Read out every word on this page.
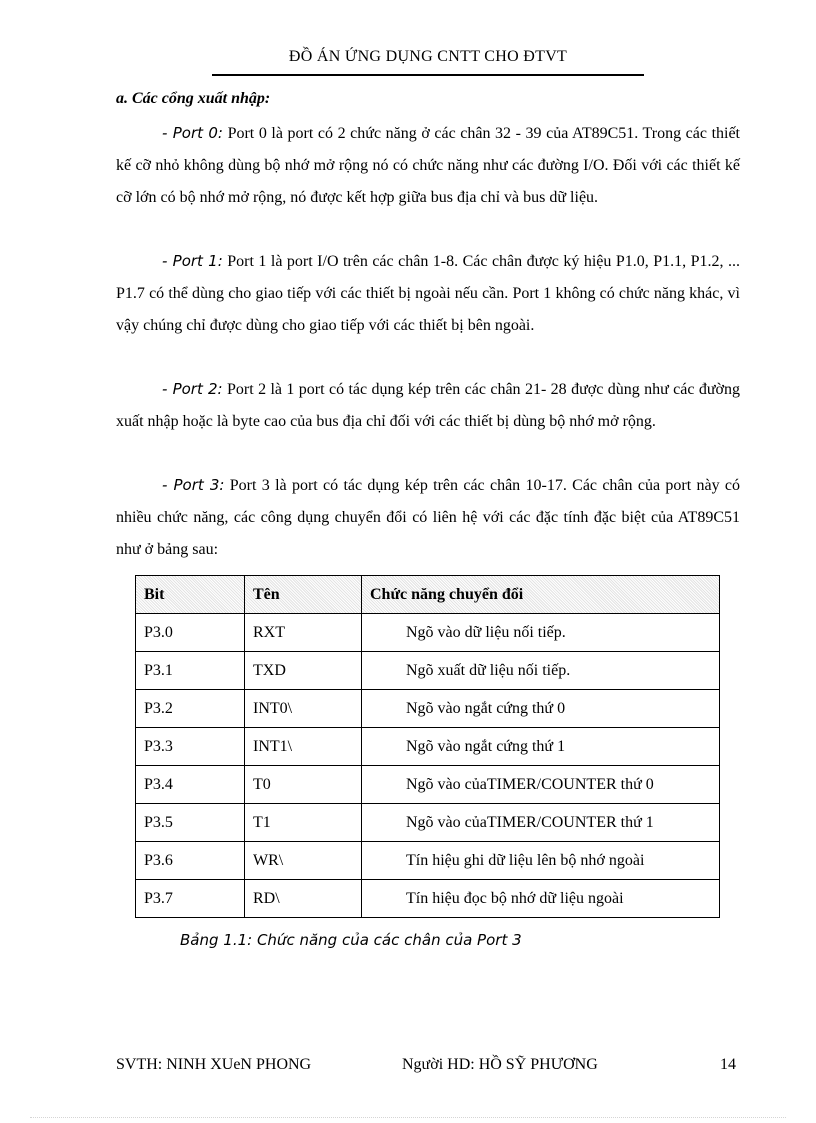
ĐỒ ÁN ỨNG DỤNG CNTT CHO ĐTVT
a. Các cổng xuất nhập:
- Port 0: Port 0 là port có 2 chức năng ở các chân 32 - 39 của AT89C51. Trong các thiết kế cỡ nhỏ không dùng bộ nhớ mở rộng nó có chức năng như các đường I/O. Đối với các thiết kế cỡ lớn có bộ nhớ mở rộng, nó được kết hợp giữa bus địa chỉ và bus dữ liệu.
- Port 1: Port 1 là port I/O trên các chân 1-8. Các chân được ký hiệu P1.0, P1.1, P1.2, ... P1.7 có thể dùng cho giao tiếp với các thiết bị ngoài nếu cần. Port 1 không có chức năng khác, vì vậy chúng chỉ được dùng cho giao tiếp với các thiết bị bên ngoài.
- Port 2: Port 2 là 1 port có tác dụng kép trên các chân 21- 28 được dùng như các đường xuất nhập hoặc là byte cao của bus địa chỉ đối với các thiết bị dùng bộ nhớ mở rộng.
- Port 3: Port 3 là port có tác dụng kép trên các chân 10-17. Các chân của port này có nhiều chức năng, các công dụng chuyển đổi có liên hệ với các đặc tính đặc biệt của AT89C51 như ở bảng sau:
Bit	Tên	Chức năng chuyển đổi
P3.0	RXT	Ngõ vào dữ liệu nối tiếp.
P3.1	TXD	Ngõ xuất dữ liệu nối tiếp.
P3.2	INT0\	Ngõ vào ngắt cứng thứ 0
P3.3	INT1\	Ngõ vào ngắt cứng thứ 1
P3.4	T0	Ngõ vào củaTIMER/COUNTER thứ 0
P3.5	T1	Ngõ vào củaTIMER/COUNTER thứ 1
P3.6	WR\	Tín hiệu ghi dữ liệu lên bộ nhớ ngoài
P3.7	RD\	Tín hiệu đọc bộ nhớ dữ liệu ngoài
Bảng 1.1: Chức năng của các chân của Port 3
SVTH: NINH XUeN PHONG	Người HD: HỒ SỸ PHƯƠNG	14
